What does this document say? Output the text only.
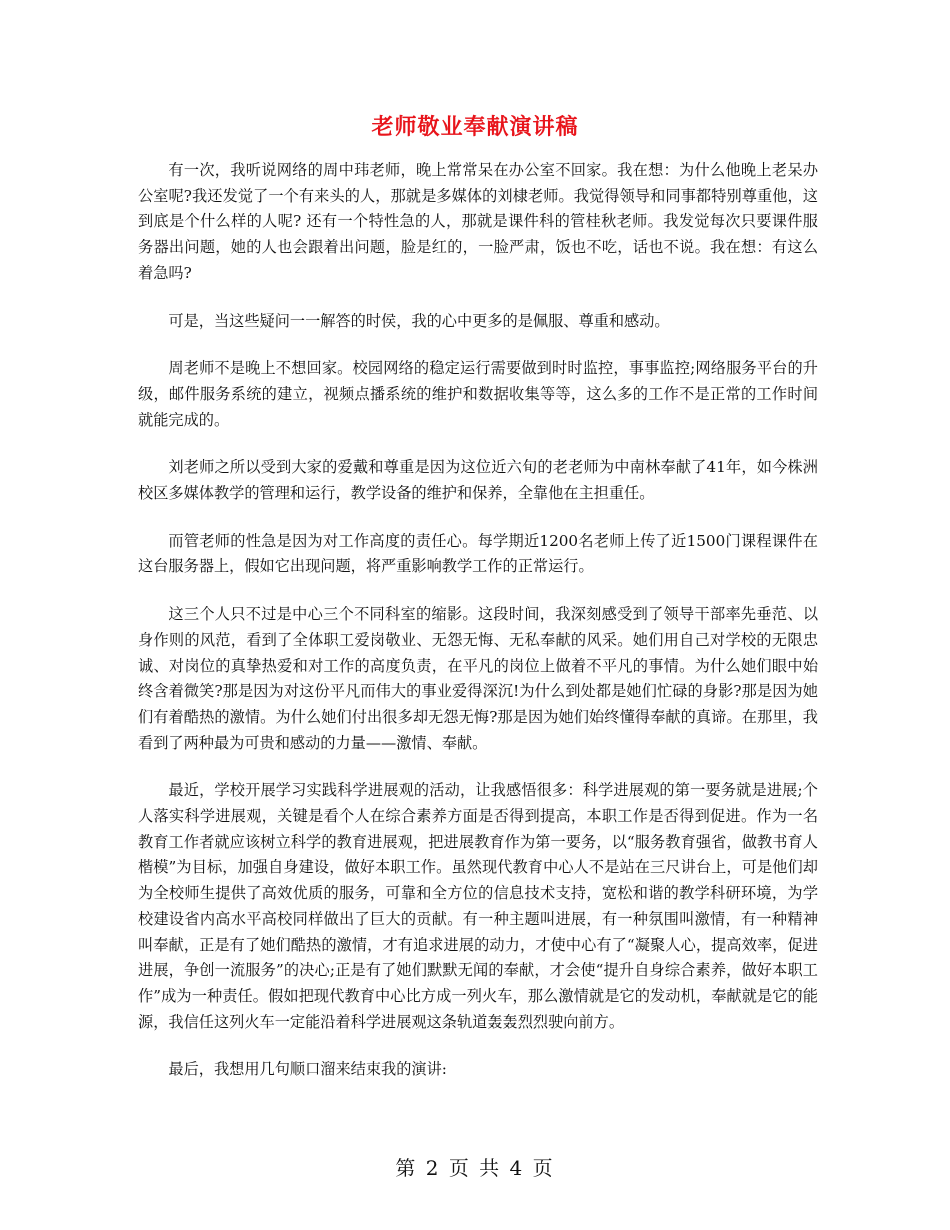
老师敬业奉献演讲稿

有一次，我听说网络的周中玮老师，晚上常常呆在办公室不回家。我在想：为什么他晚上老呆办公室呢?我还发觉了一个有来头的人，那就是多媒体的刘棣老师。我觉得领导和同事都特别尊重他，这到底是个什么样的人呢? 还有一个特性急的人，那就是课件科的管桂秋老师。我发觉每次只要课件服务器出问题，她的人也会跟着出问题，脸是红的，一脸严肃，饭也不吃，话也不说。我在想：有这么着急吗?

可是，当这些疑问一一解答的时侯，我的心中更多的是佩服、尊重和感动。

周老师不是晚上不想回家。校园网络的稳定运行需要做到时时监控，事事监控;网络服务平台的升级，邮件服务系统的建立，视频点播系统的维护和数据收集等等，这么多的工作不是正常的工作时间就能完成的。

刘老师之所以受到大家的爱戴和尊重是因为这位近六旬的老老师为中南林奉献了41年，如今株洲校区多媒体教学的管理和运行，教学设备的维护和保养，全靠他在主担重任。

而管老师的性急是因为对工作高度的责任心。每学期近1200名老师上传了近1500门课程课件在这台服务器上，假如它出现问题，将严重影响教学工作的正常运行。

这三个人只不过是中心三个不同科室的缩影。这段时间，我深刻感受到了领导干部率先垂范、以身作则的风范，看到了全体职工爱岗敬业、无怨无悔、无私奉献的风采。她们用自己对学校的无限忠诚、对岗位的真挚热爱和对工作的高度负责，在平凡的岗位上做着不平凡的事情。为什么她们眼中始终含着微笑?那是因为对这份平凡而伟大的事业爱得深沉!为什么到处都是她们忙碌的身影?那是因为她们有着酷热的激情。为什么她们付出很多却无怨无悔?那是因为她们始终懂得奉献的真谛。在那里，我看到了两种最为可贵和感动的力量——激情、奉献。

最近，学校开展学习实践科学进展观的活动，让我感悟很多：科学进展观的第一要务就是进展;个人落实科学进展观，关键是看个人在综合素养方面是否得到提高，本职工作是否得到促进。作为一名教育工作者就应该树立科学的教育进展观，把进展教育作为第一要务，以“服务教育强省，做教书育人楷模”为目标，加强自身建设，做好本职工作。虽然现代教育中心人不是站在三尺讲台上，可是他们却为全校师生提供了高效优质的服务，可靠和全方位的信息技术支持，宽松和谐的教学科研环境，为学校建设省内高水平高校同样做出了巨大的贡献。有一种主题叫进展，有一种氛围叫激情，有一种精神叫奉献，正是有了她们酷热的激情，才有追求进展的动力，才使中心有了“凝聚人心，提高效率，促进进展，争创一流服务”的决心;正是有了她们默默无闻的奉献，才会使“提升自身综合素养，做好本职工作”成为一种责任。假如把现代教育中心比方成一列火车，那么激情就是它的发动机，奉献就是它的能源，我信任这列火车一定能沿着科学进展观这条轨道轰轰烈烈驶向前方。

最后，我想用几句顺口溜来结束我的演讲:

第 2 页 共 4 页
